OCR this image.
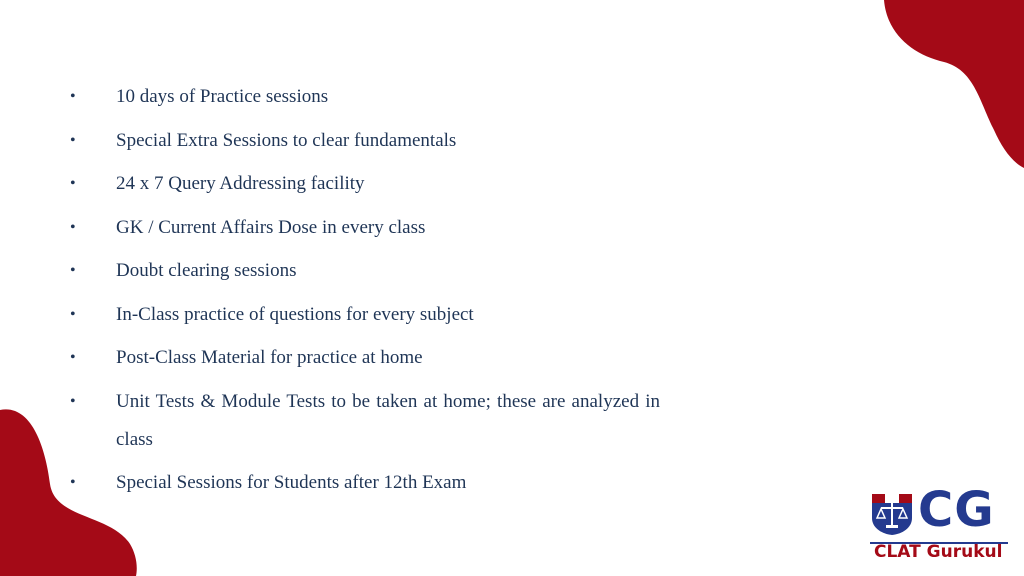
•	10 days of Practice sessions
•	Special Extra Sessions to clear fundamentals
•	24 x 7 Query Addressing facility
•	GK / Current Affairs Dose in every class
•	Doubt clearing sessions
•	In-Class practice of questions for every subject
•	Post-Class Material for practice at home
•	Unit Tests & Module Tests to be taken at home; these are analyzed in class
•	Special Sessions for Students after 12th Exam	CG
CLAT Gurukul
